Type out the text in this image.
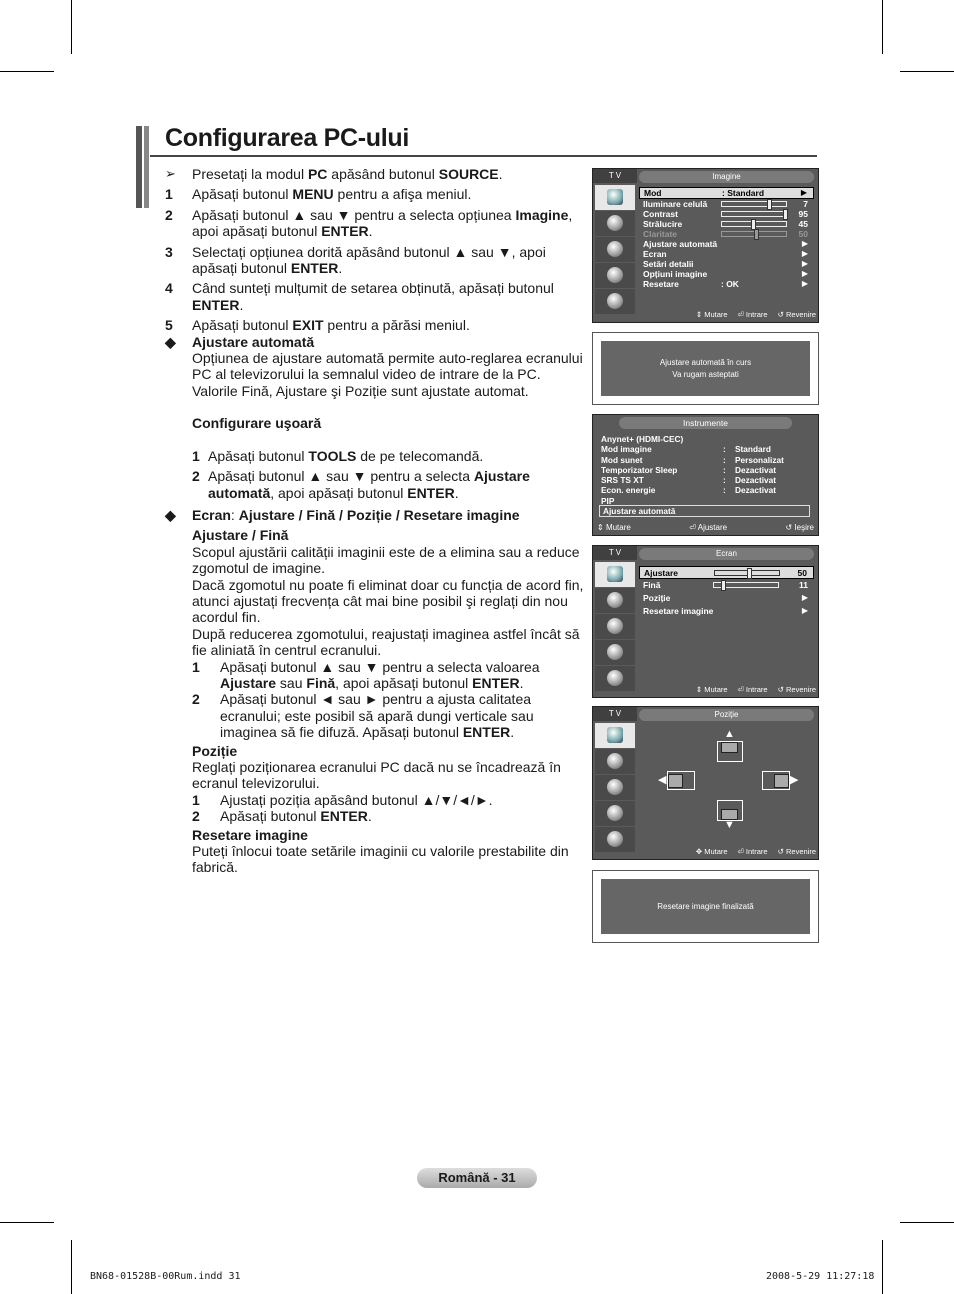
Configurarea PC-ului
➢ Presetați la modul PC apăsând butonul SOURCE.
1 Apăsați butonul MENU pentru a afişa meniul.
2 Apăsați butonul ▲ sau ▼ pentru a selecta opțiunea Imagine, apoi apăsați butonul ENTER.
3 Selectați opțiunea dorită apăsând butonul ▲ sau ▼, apoi apăsați butonul ENTER.
4 Când sunteți mulțumit de setarea obținută, apăsați butonul ENTER.
5 Apăsați butonul EXIT pentru a părăsi meniul.
◆ Ajustare automată
Opțiunea de ajustare automată permite auto-reglarea ecranului PC al televizorului la semnalul video de intrare de la PC. Valorile Fină, Ajustare şi Poziție sunt ajustate automat.
Configurare uşoară
1 Apăsați butonul TOOLS de pe telecomandă.
2 Apăsați butonul ▲ sau ▼ pentru a selecta Ajustare automată, apoi apăsați butonul ENTER.
◆ Ecran: Ajustare / Fină / Poziție / Resetare imagine
Ajustare / Fină
Scopul ajustării calității imaginii este de a elimina sau a reduce zgomotul de imagine.
Dacă zgomotul nu poate fi eliminat doar cu funcția de acord fin, atunci ajustați frecvența cât mai bine posibil şi reglați din nou acordul fin.
După reducerea zgomotului, reajustați imaginea astfel încât să fie aliniată în centrul ecranului.
1 Apăsați butonul ▲ sau ▼ pentru a selecta valoarea Ajustare sau Fină, apoi apăsați butonul ENTER.
2 Apăsați butonul ◄ sau ► pentru a ajusta calitatea ecranului; este posibil să apară dungi verticale sau imaginea să fie difuză. Apăsați butonul ENTER.
Poziție
Reglați poziționarea ecranului PC dacă nu se încadrează în ecranul televizorului.
1 Ajustați poziția apăsând butonul ▲/▼/◄/►.
2 Apăsați butonul ENTER.
Resetare imagine
Puteți înlocui toate setările imaginii cu valorile prestabilite din fabrică.
T V	Imagine
Mod	: Standard	▶
Iluminare celulă	7
Contrast	95
Strălucire	45
Claritate	50
Ajustare automată	▶
Ecran	▶
Setări detalii	▶
Opțiuni imagine	▶
Resetare	: OK	▶
⇕ Mutare ⏎ Intrare ↺ Revenire
Ajustare automată în curs
Va rugam asteptati
Instrumente
Anynet+ (HDMI-CEC)
Mod imagine	:	Standard
Mod sunet	:	Personalizat
Temporizator Sleep	:	Dezactivat
SRS TS XT	:	Dezactivat
Econ. energie	:	Dezactivat
PIP
Ajustare automată
⇕ Mutare	⏎ Ajustare	↺ Ieşire
T V	Ecran
Ajustare	50
Fină	11
Poziție	▶
Resetare imagine	▶
⇕ Mutare ⏎ Intrare ↺ Revenire
T V	Poziție
▲
◀	▶
▼
✥ Mutare ⏎ Intrare ↺ Revenire
Resetare imagine finalizată
Română - 31
BN68-01528B-00Rum.indd 31	2008-5-29 11:27:18
